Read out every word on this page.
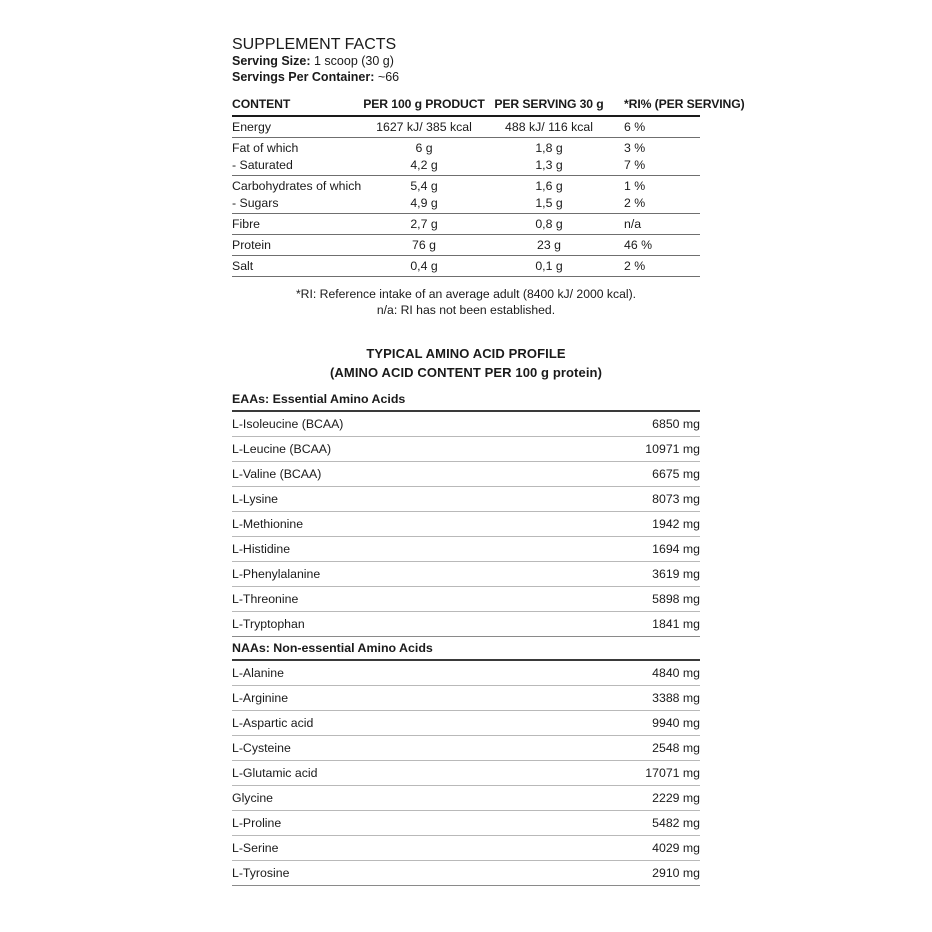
SUPPLEMENT FACTS
Serving Size: 1 scoop (30 g)
Servings Per Container: ~66
CONTENT	PER 100 g PRODUCT	PER SERVING 30 g	*RI% (PER SERVING)
Energy	1627 kJ/ 385 kcal	488 kJ/ 116 kcal	6 %
Fat of which	6 g	1,8 g	3 %
- Saturated	4,2 g	1,3 g	7 %
Carbohydrates of which	5,4 g	1,6 g	1 %
- Sugars	4,9 g	1,5 g	2 %
Fibre	2,7 g	0,8 g	n/a
Protein	76 g	23 g	46 %
Salt	0,4 g	0,1 g	2 %
*RI: Reference intake of an average adult (8400 kJ/ 2000 kcal).
n/a: RI has not been established.
TYPICAL AMINO ACID PROFILE
(AMINO ACID CONTENT PER 100 g protein)
EAAs: Essential Amino Acids	
L-Isoleucine (BCAA)	6850 mg
L-Leucine (BCAA)	10971 mg
L-Valine (BCAA)	6675 mg
L-Lysine	8073 mg
L-Methionine	1942 mg
L-Histidine	1694 mg
L-Phenylalanine	3619 mg
L-Threonine	5898 mg
L-Tryptophan	1841 mg
NAAs: Non-essential Amino Acids	
L-Alanine	4840 mg
L-Arginine	3388 mg
L-Aspartic acid	9940 mg
L-Cysteine	2548 mg
L-Glutamic acid	17071 mg
Glycine	2229 mg
L-Proline	5482 mg
L-Serine	4029 mg
L-Tyrosine	2910 mg
